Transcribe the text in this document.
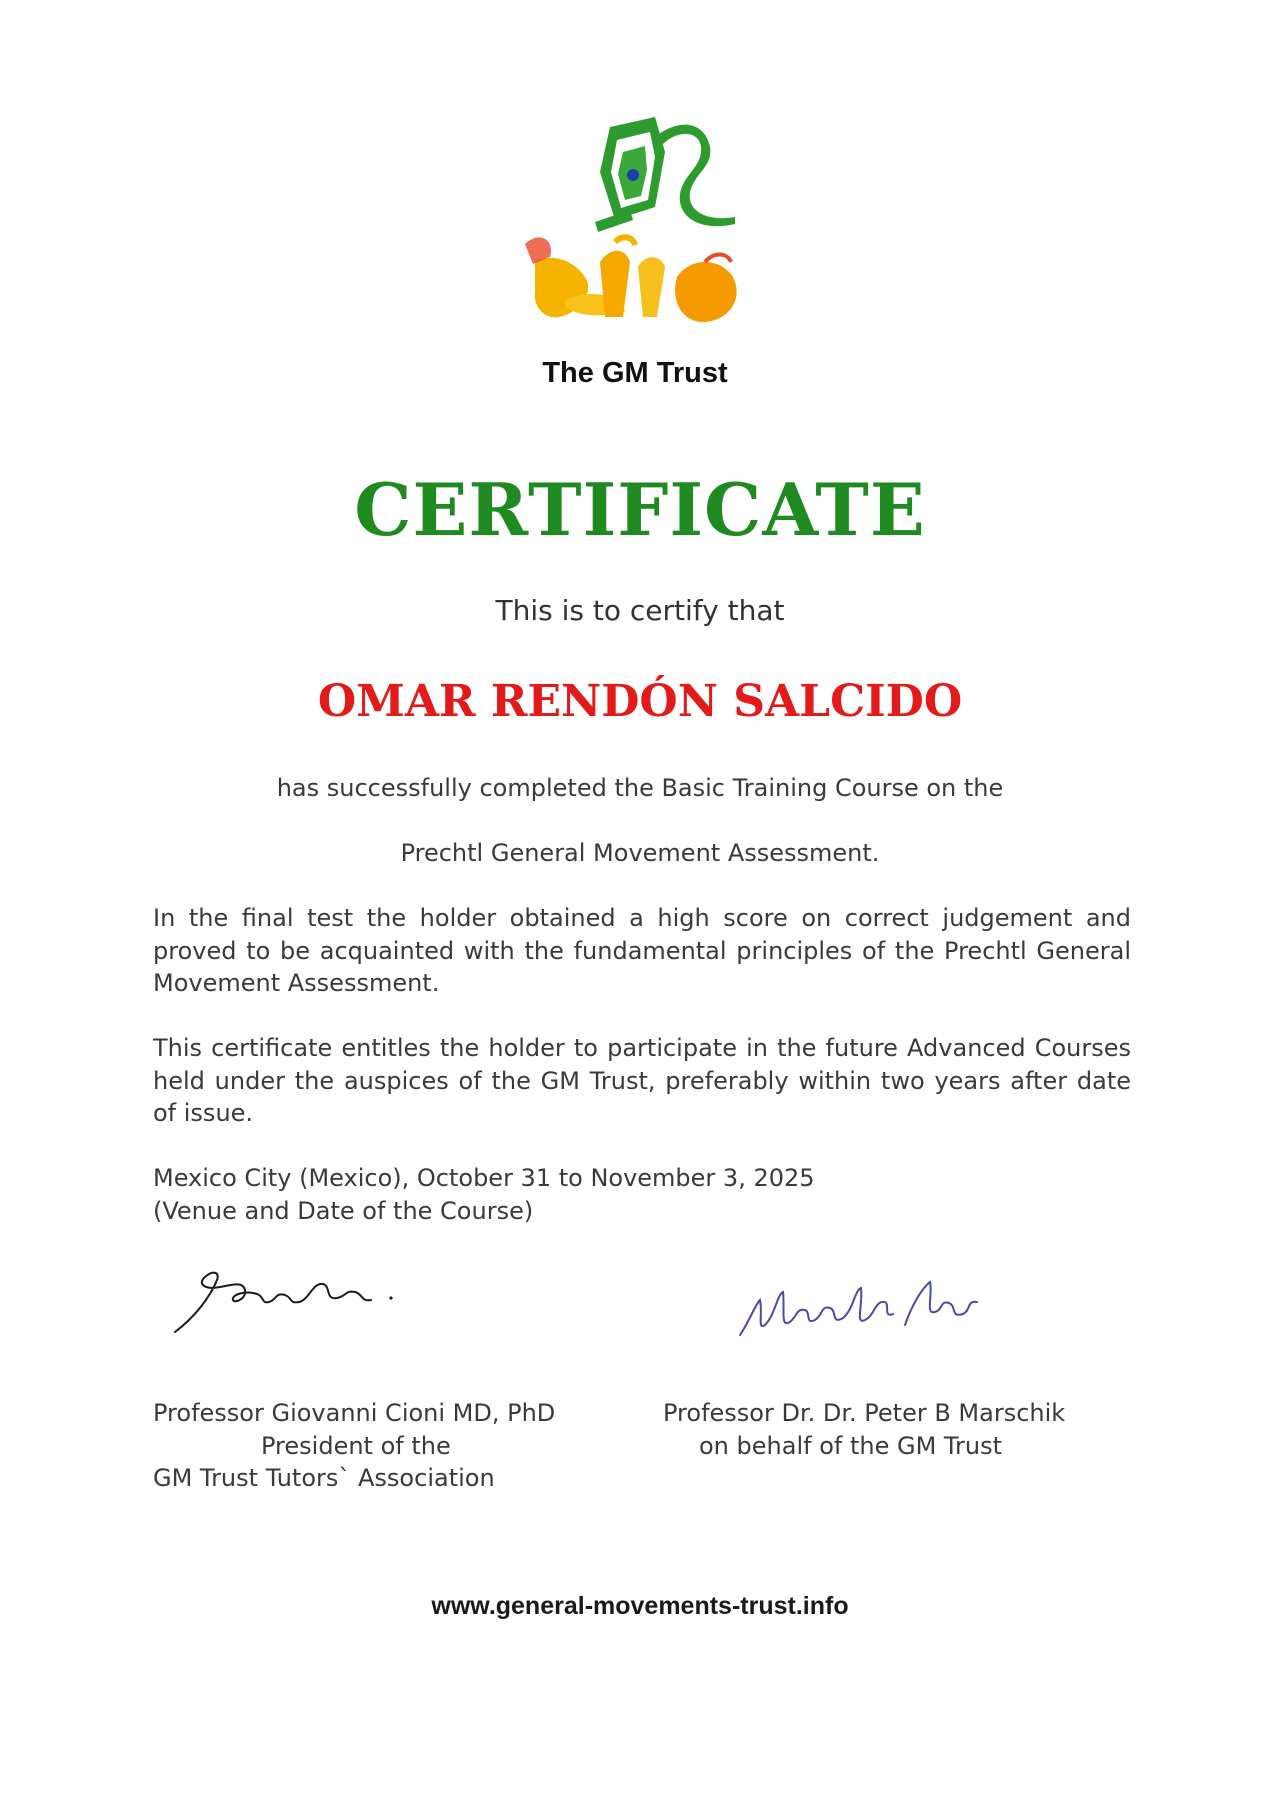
The GM Trust
CERTIFICATE
This is to certify that
OMAR RENDÓN SALCIDO
has successfully completed the Basic Training Course on the
Prechtl General Movement Assessment.
In the final test the holder obtained a high score on correct judgement and proved to be acquainted with the fundamental principles of the Prechtl General Movement Assessment.
This certificate entitles the holder to participate in the future Advanced Courses held under the auspices of the GM Trust, preferably within two years after date of issue.
Mexico City (Mexico), October 31 to November 3, 2025
(Venue and Date of the Course)
Professor Giovanni Cioni MD, PhD
President of the
GM Trust Tutors` Association
Professor Dr. Dr. Peter B Marschik
on behalf of the GM Trust
www.general-movements-trust.info
